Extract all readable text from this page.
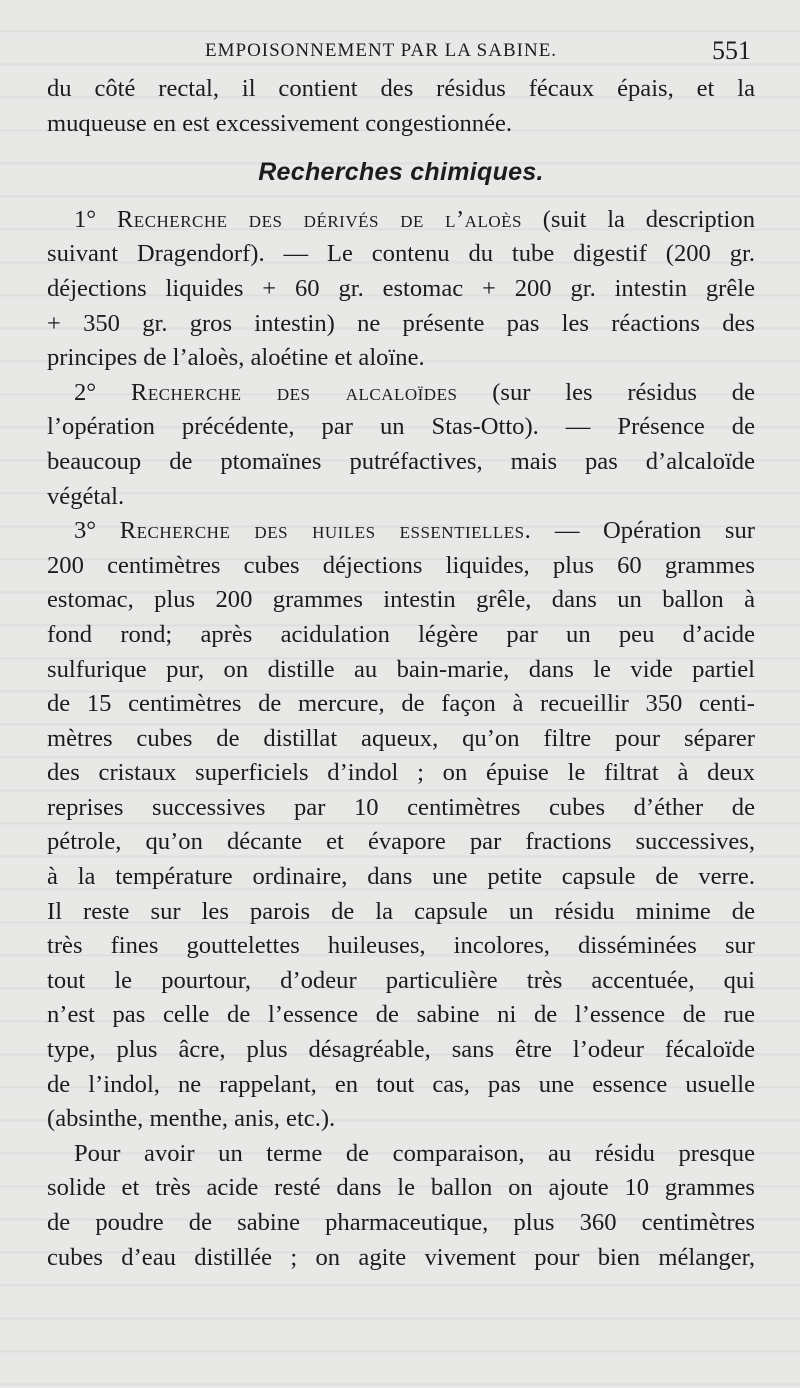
EMPOISONNEMENT PAR LA SABINE.	551
du côté rectal, il contient des résidus fécaux épais, et la
muqueuse en est excessivement congestionnée.
Recherches chimiques.
1° Recherche des dérivés de l’aloès (suit la description
suivant Dragendorf). — Le contenu du tube digestif (200 gr.
déjections liquides + 60 gr. estomac + 200 gr. intestin grêle
+ 350 gr. gros intestin) ne présente pas les réactions des
principes de l’aloès, aloétine et aloïne.
2° Recherche des alcaloïdes (sur les résidus de
l’opération précédente, par un Stas-Otto). — Présence de
beaucoup de ptomaïnes putréfactives, mais pas d’alcaloïde
végétal.
3° Recherche des huiles essentielles. — Opération sur
200 centimètres cubes déjections liquides, plus 60 grammes
estomac, plus 200 grammes intestin grêle, dans un ballon à
fond rond; après acidulation légère par un peu d’acide
sulfurique pur, on distille au bain-marie, dans le vide partiel
de 15 centimètres de mercure, de façon à recueillir 350 centi-
mètres cubes de distillat aqueux, qu’on filtre pour séparer
des cristaux superficiels d’indol ; on épuise le filtrat à deux
reprises successives par 10 centimètres cubes d’éther de
pétrole, qu’on décante et évapore par fractions successives,
à la température ordinaire, dans une petite capsule de verre.
Il reste sur les parois de la capsule un résidu minime de
très fines gouttelettes huileuses, incolores, disséminées sur
tout le pourtour, d’odeur particulière très accentuée, qui
n’est pas celle de l’essence de sabine ni de l’essence de rue
type, plus âcre, plus désagréable, sans être l’odeur fécaloïde
de l’indol, ne rappelant, en tout cas, pas une essence usuelle
(absinthe, menthe, anis, etc.).
Pour avoir un terme de comparaison, au résidu presque
solide et très acide resté dans le ballon on ajoute 10 grammes
de poudre de sabine pharmaceutique, plus 360 centimètres
cubes d’eau distillée ; on agite vivement pour bien mélanger,
